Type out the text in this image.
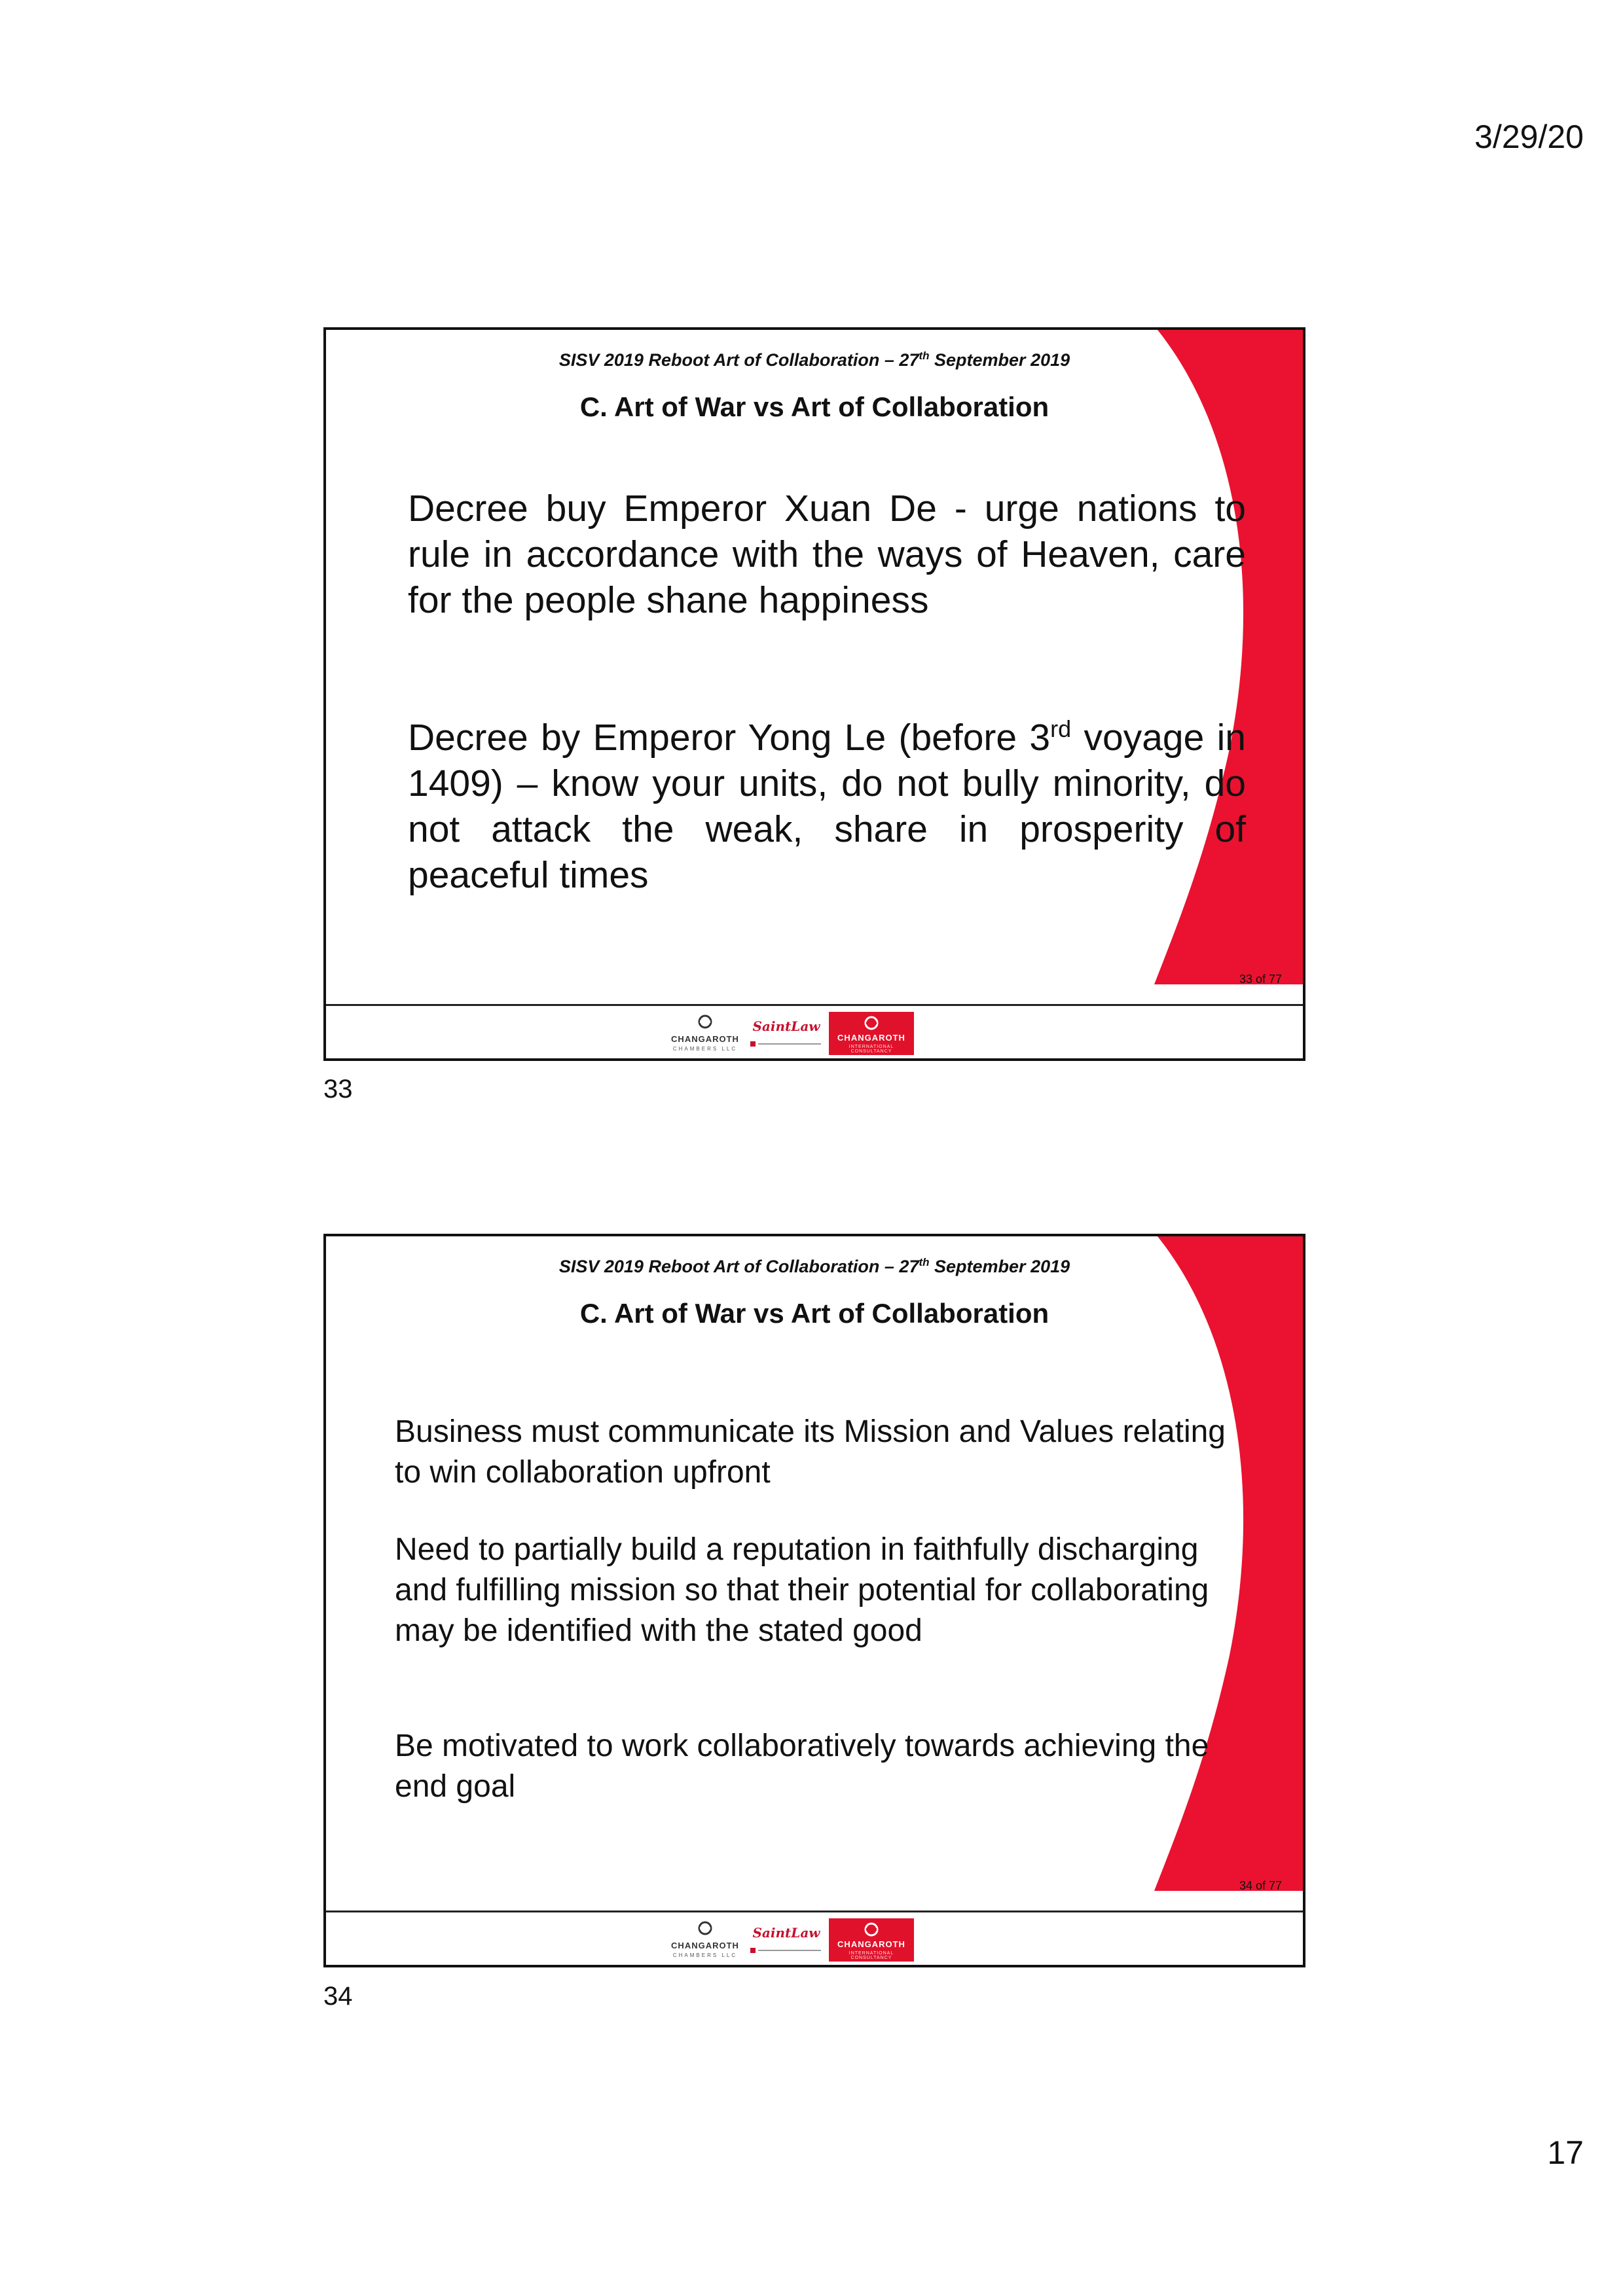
3/29/20

SISV 2019 Reboot Art of Collaboration – 27th September 2019

C. Art of War vs Art of Collaboration

Decree buy Emperor Xuan De - urge nations to rule in accordance with the ways of Heaven, care for the people shane happiness

Decree by Emperor Yong Le (before 3rd voyage in 1409) – know your units, do not bully minority, do not attack the weak, share in prosperity of peaceful times

33 of 77

CHANGAROTH

CHAMBERS LLC

SaintLaw

CHANGAROTH

INTERNATIONAL CONSULTANCY

33

SISV 2019 Reboot Art of Collaboration – 27th September 2019

C. Art of War vs Art of Collaboration

Business must communicate its Mission and Values relating to win collaboration upfront

Need to partially build a reputation in faithfully discharging and fulfilling mission so that their potential for collaborating may be identified with the stated good

Be motivated to work collaboratively towards achieving the end goal

34 of 77

CHANGAROTH

CHAMBERS LLC

SaintLaw

CHANGAROTH

INTERNATIONAL CONSULTANCY

34

17
